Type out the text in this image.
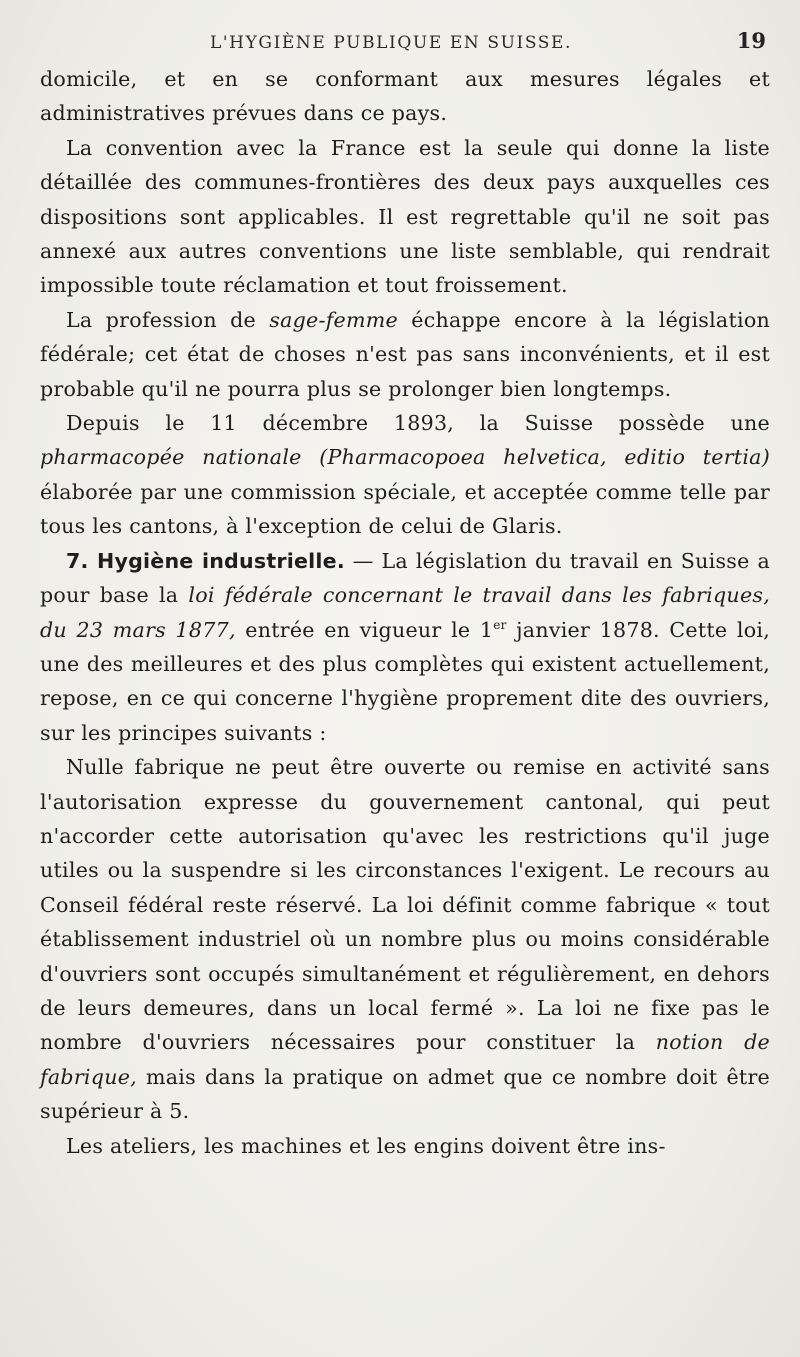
L'HYGIÈNE PUBLIQUE EN SUISSE.	19

domicile, et en se conformant aux mesures légales et administratives prévues dans ce pays.

La convention avec la France est la seule qui donne la liste détaillée des communes-frontières des deux pays auxquelles ces dispositions sont applicables. Il est regrettable qu'il ne soit pas annexé aux autres conventions une liste semblable, qui rendrait impossible toute réclamation et tout froissement.

La profession de sage-femme échappe encore à la législation fédérale; cet état de choses n'est pas sans inconvénients, et il est probable qu'il ne pourra plus se prolonger bien longtemps.

Depuis le 11 décembre 1893, la Suisse possède une pharmacopée nationale (Pharmacopoea helvetica, editio tertia) élaborée par une commission spéciale, et acceptée comme telle par tous les cantons, à l'exception de celui de Glaris.

7. Hygiène industrielle. — La législation du travail en Suisse a pour base la loi fédérale concernant le travail dans les fabriques, du 23 mars 1877, entrée en vigueur le 1er janvier 1878. Cette loi, une des meilleures et des plus complètes qui existent actuellement, repose, en ce qui concerne l'hygiène proprement dite des ouvriers, sur les principes suivants :

Nulle fabrique ne peut être ouverte ou remise en activité sans l'autorisation expresse du gouvernement cantonal, qui peut n'accorder cette autorisation qu'avec les restrictions qu'il juge utiles ou la suspendre si les circonstances l'exigent. Le recours au Conseil fédéral reste réservé. La loi définit comme fabrique « tout établissement industriel où un nombre plus ou moins considérable d'ouvriers sont occupés simultanément et régulièrement, en dehors de leurs demeures, dans un local fermé ». La loi ne fixe pas le nombre d'ouvriers nécessaires pour constituer la notion de fabrique, mais dans la pratique on admet que ce nombre doit être supérieur à 5.

Les ateliers, les machines et les engins doivent être ins-
